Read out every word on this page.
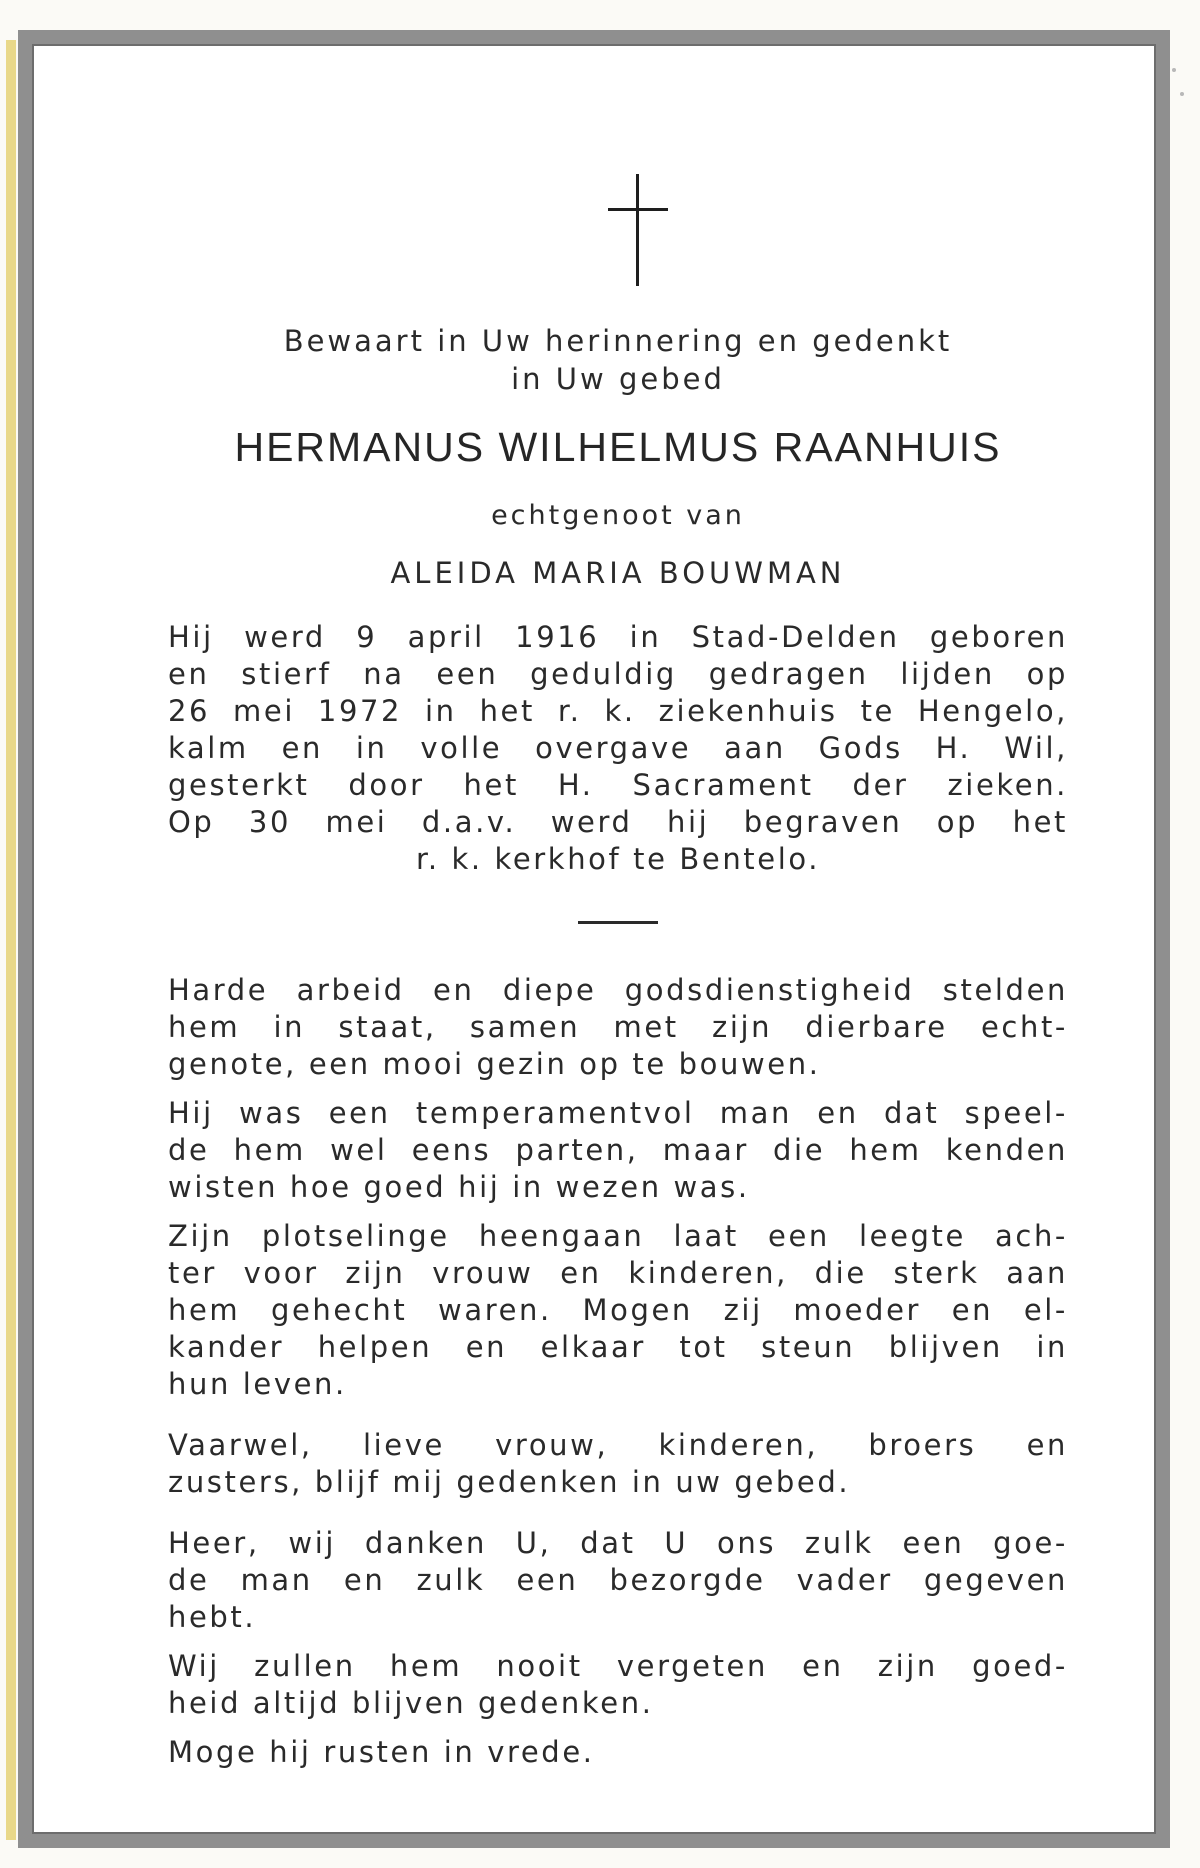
Bewaart in Uw herinnering en gedenkt
in Uw gebed
HERMANUS WILHELMUS RAANHUIS
echtgenoot van
ALEIDA MARIA BOUWMAN
Hij werd 9 april 1916 in Stad-Delden geboren
en stierf na een geduldig gedragen lijden op
26 mei 1972 in het r. k. ziekenhuis te Hengelo,
kalm en in volle overgave aan Gods H. Wil,
gesterkt door het H. Sacrament der zieken.
Op 30 mei d.a.v. werd hij begraven op het
r. k. kerkhof te Bentelo.
Harde arbeid en diepe godsdienstigheid stelden
hem in staat, samen met zijn dierbare echt-
genote, een mooi gezin op te bouwen.
Hij was een temperamentvol man en dat speel-
de hem wel eens parten, maar die hem kenden
wisten hoe goed hij in wezen was.
Zijn plotselinge heengaan laat een leegte ach-
ter voor zijn vrouw en kinderen, die sterk aan
hem gehecht waren. Mogen zij moeder en el-
kander helpen en elkaar tot steun blijven in
hun leven.
Vaarwel, lieve vrouw, kinderen, broers en
zusters, blijf mij gedenken in uw gebed.
Heer, wij danken U, dat U ons zulk een goe-
de man en zulk een bezorgde vader gegeven
hebt.
Wij zullen hem nooit vergeten en zijn goed-
heid altijd blijven gedenken.
Moge hij rusten in vrede.
